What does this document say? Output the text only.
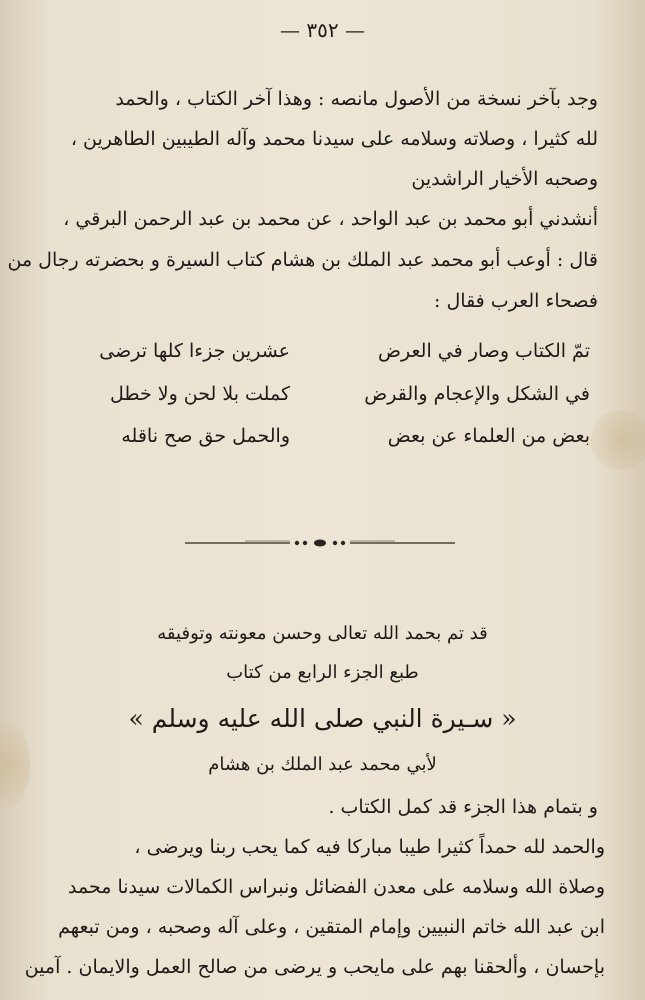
— ٣٥٢ —
وجد بآخر نسخة من الأصول مانصه : وهذا آخر الكتاب ، والحمد
لله كثيرا ، وصلاته وسلامه على سيدنا محمد وآله الطيبين الطاهرين ،
وصحبه الأخيار الراشدين
أنشدني أبو محمد بن عبد الواحد ، عن محمد بن عبد الرحمن البرقي ،
قال : أوعب أبو محمد عبد الملك بن هشام كتاب السيرة و بحضرته رجال من
فصحاء العرب فقال :
تمّ الكتاب وصار في العرض
عشرين جزءا كلها ترضى
في الشكل والإعجام والقرض
كملت بلا لحن ولا خطل
بعض من العلماء عن بعض
والحمل حق صح ناقله
قد تم بحمد الله تعالى وحسن معونته وتوفيقه
طبع الجزء الرابع من كتاب
« سـيرة النبي صلى الله عليه وسلم »
لأبي محمد عبد الملك بن هشام
و بتمام هذا الجزء قد كمل الكتاب .
والحمد لله حمداً كثيرا طيبا مباركا فيه كما يحب ربنا ويرضى ،
وصلاة الله وسلامه على معدن الفضائل ونبراس الكمالات سيدنا محمد
ابن عبد الله خاتم النبيين وإمام المتقين ، وعلى آله وصحبه ، ومن تبعهم
بإحسان ، وألحقنا بهم على مايحب و يرضى من صالح العمل والايمان . آمين
